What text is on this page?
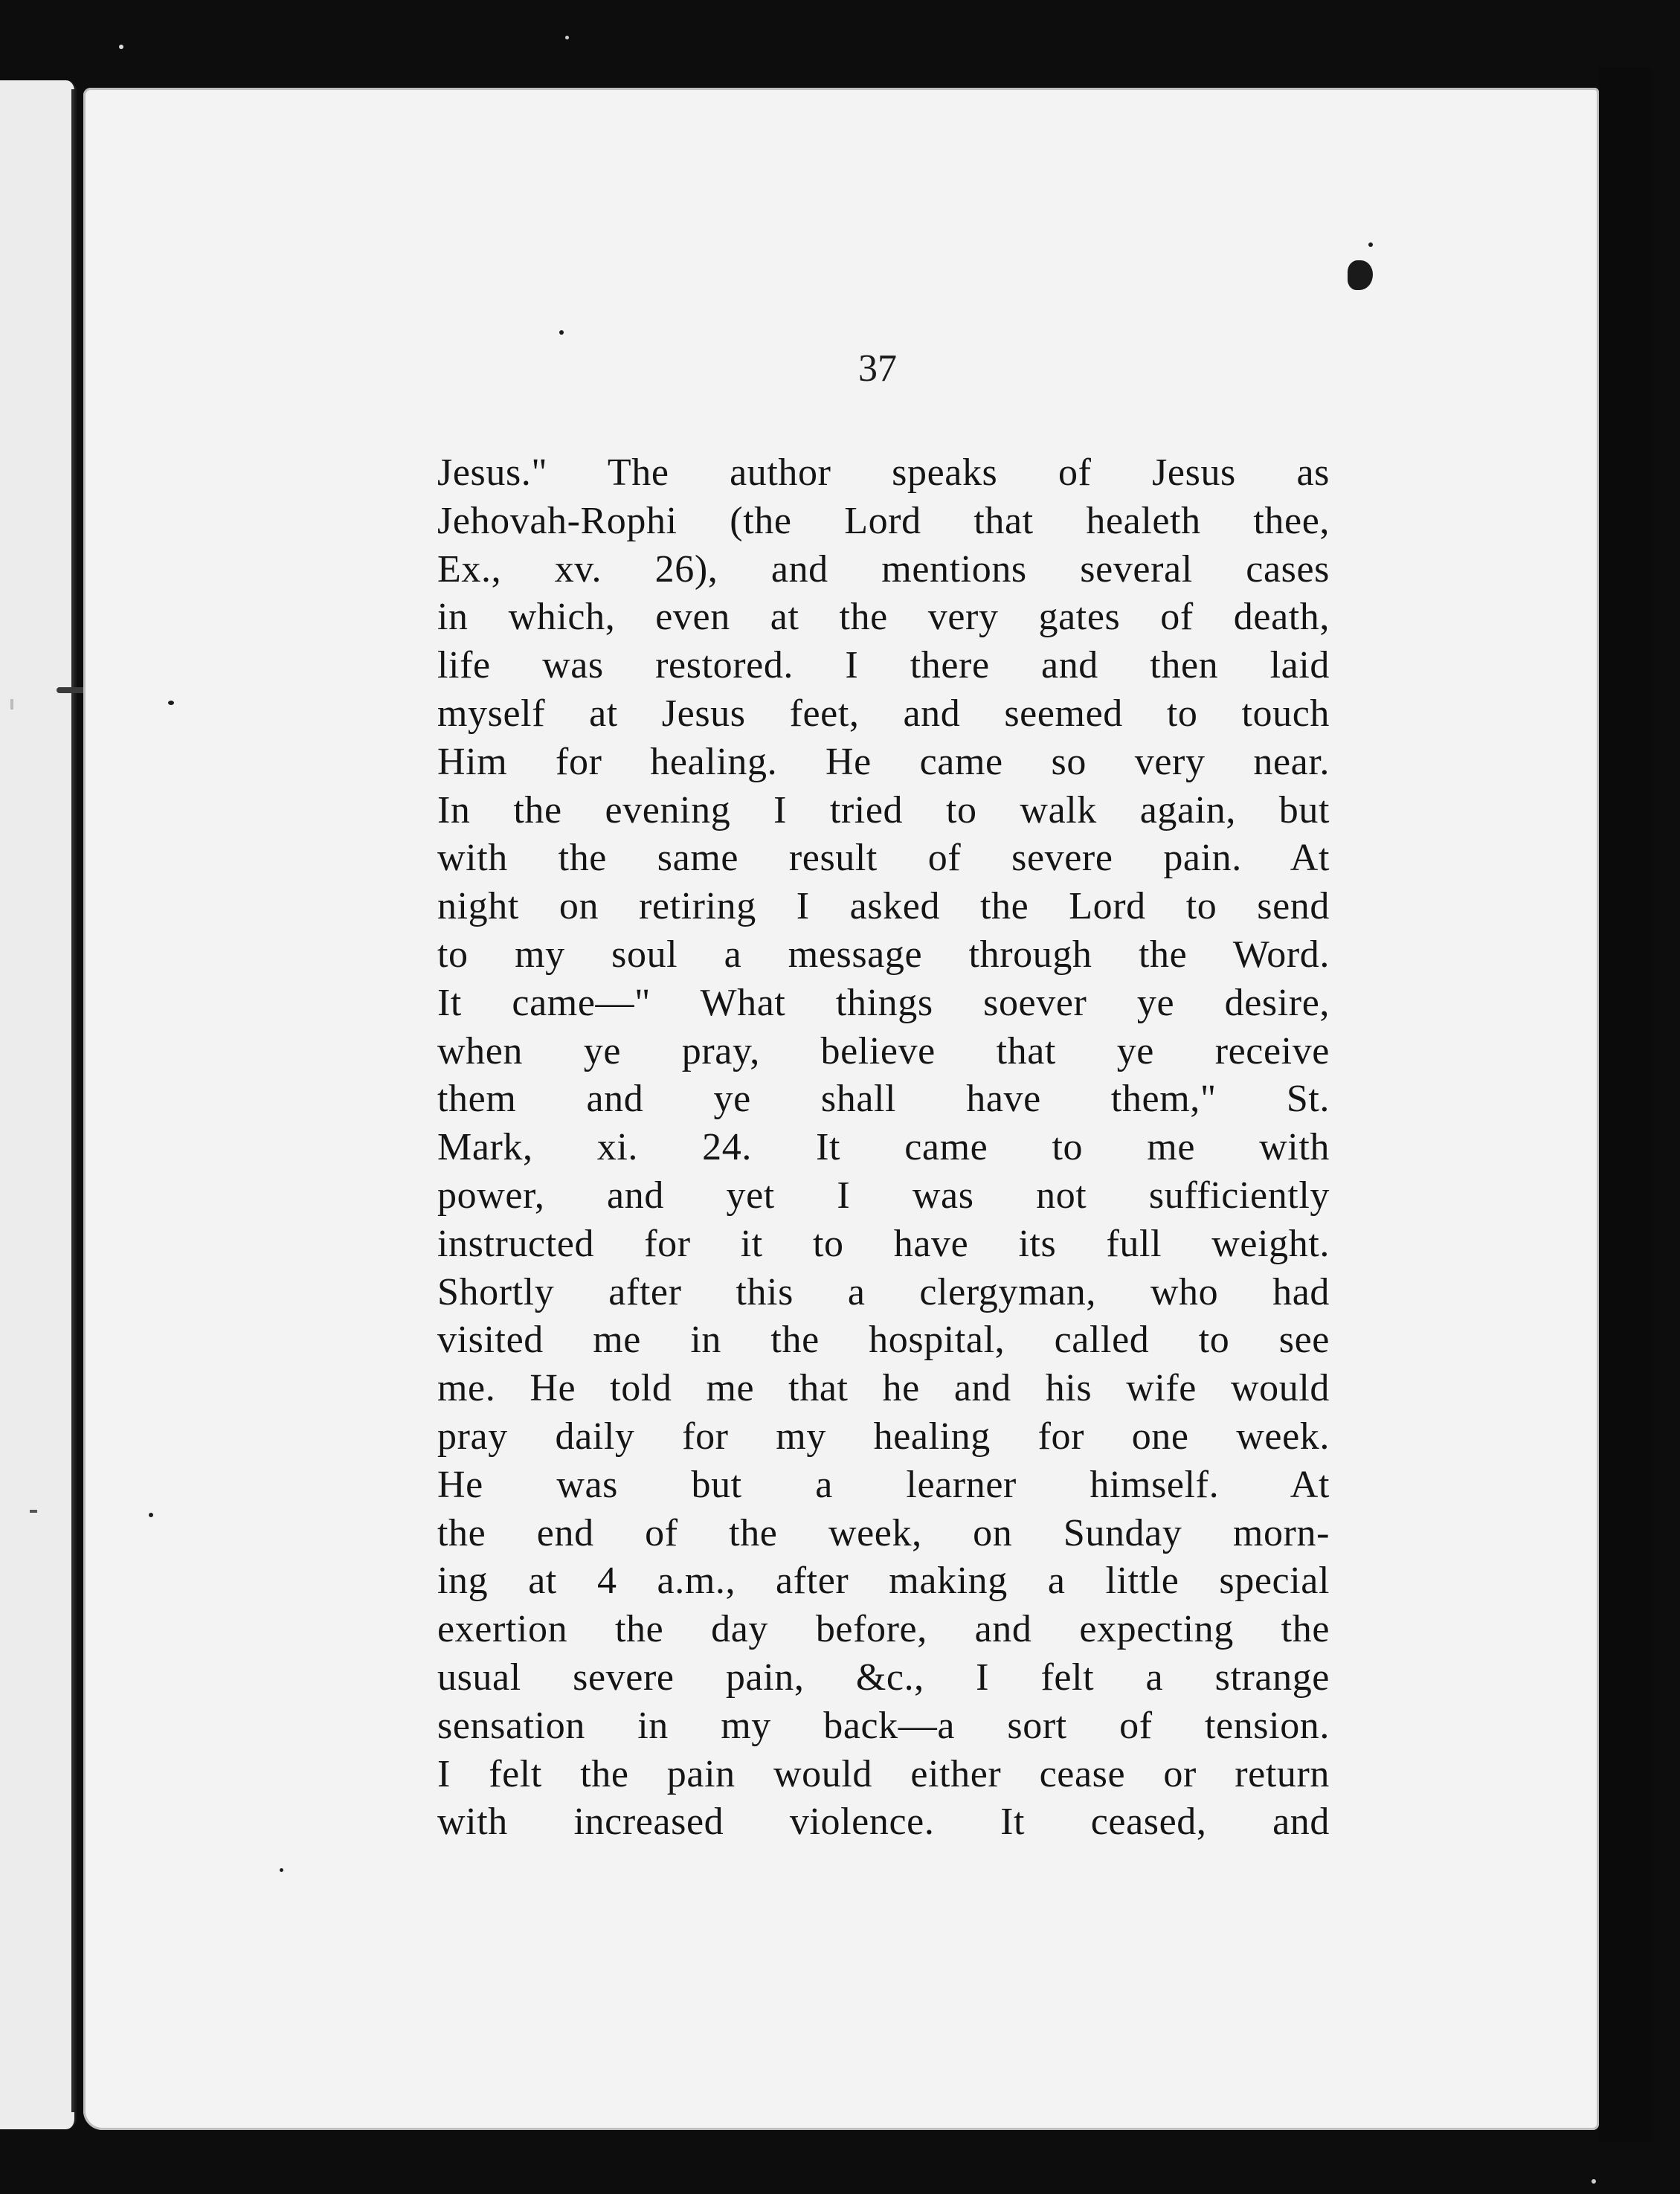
37
Jesus." The author speaks of Jesus as
Jehovah-Rophi (the Lord that healeth thee,
Ex., xv. 26), and mentions several cases
in which, even at the very gates of death,
life was restored. I there and then laid
myself at Jesus feet, and seemed to touch
Him for healing. He came so very near.
In the evening I tried to walk again, but
with the same result of severe pain. At
night on retiring I asked the Lord to send
to my soul a message through the Word.
It came—" What things soever ye desire,
when ye pray, believe that ye receive
them and ye shall have them," St.
Mark, xi. 24. It came to me with
power, and yet I was not sufficiently
instructed for it to have its full weight.
Shortly after this a clergyman, who had
visited me in the hospital, called to see
me. He told me that he and his wife would
pray daily for my healing for one week.
He was but a learner himself. At
the end of the week, on Sunday morn-
ing at 4 a.m., after making a little special
exertion the day before, and expecting the
usual severe pain, &c., I felt a strange
sensation in my back—a sort of tension.
I felt the pain would either cease or return
with increased violence. It ceased, and
